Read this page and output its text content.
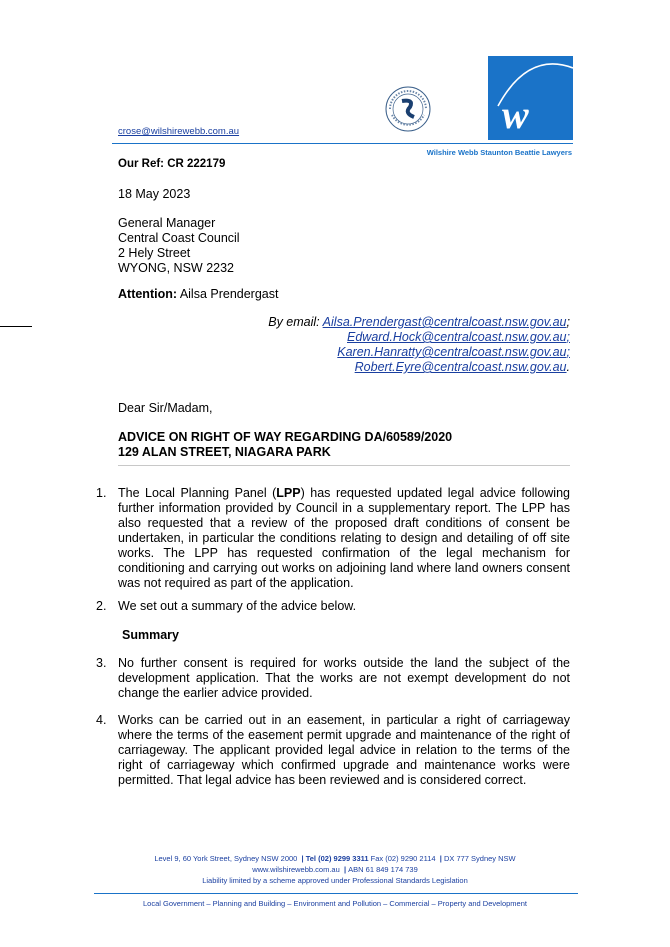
w
crose@wilshirewebb.com.au
Wilshire Webb Staunton Beattie Lawyers
Our Ref: CR 222179
18 May 2023
General Manager
Central Coast Council
2 Hely Street
WYONG, NSW 2232
Attention: Ailsa Prendergast
By email: Ailsa.Prendergast@centralcoast.nsw.gov.au;
Edward.Hock@centralcoast.nsw.gov.au;
Karen.Hanratty@centralcoast.nsw.gov.au;
Robert.Eyre@centralcoast.nsw.gov.au.
Dear Sir/Madam,
ADVICE ON RIGHT OF WAY REGARDING DA/60589/2020
129 ALAN STREET, NIAGARA PARK
1. The Local Planning Panel (LPP) has requested updated legal advice following further information provided by Council in a supplementary report. The LPP has also requested that a review of the proposed draft conditions of consent be undertaken, in particular the conditions relating to design and detailing of off site works. The LPP has requested confirmation of the legal mechanism for conditioning and carrying out works on adjoining land where land owners consent was not required as part of the application.
2. We set out a summary of the advice below.
Summary
3. No further consent is required for works outside the land the subject of the development application. That the works are not exempt development do not change the earlier advice provided.
4. Works can be carried out in an easement, in particular a right of carriageway where the terms of the easement permit upgrade and maintenance of the right of carriageway. The applicant provided legal advice in relation to the terms of the right of carriageway which confirmed upgrade and maintenance works were permitted. That legal advice has been reviewed and is considered correct.
Level 9, 60 York Street, Sydney NSW 2000  | Tel (02) 9299 3311 Fax (02) 9290 2114  | DX 777 Sydney NSW
www.wilshirewebb.com.au  | ABN 61 849 174 739
Liability limited by a scheme approved under Professional Standards Legislation
Local Government – Planning and Building – Environment and Pollution – Commercial – Property and Development
